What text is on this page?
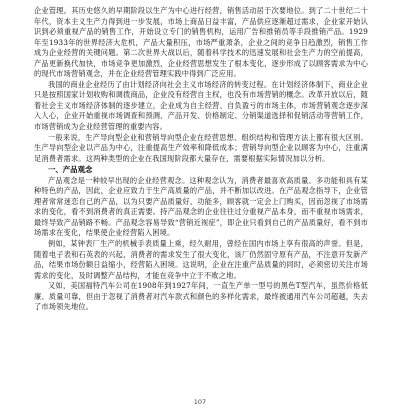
企业管理。其历史悠久的早期阶段以生产为中心进行经营，销售活动居于次要地位。到了二十世纪二十年代，资本主义生产力得到进一步发展，市场上商品日益丰富，产品供应逐渐超过需求，企业家开始认识到必须重视产品的销售工作，开始设立专门的销售机构，运用广告和推销员等手段推销产品。1929年至1933年的世界经济大危机，产品大量积压，市场严重萧条，企业之间的竞争日趋激烈，销售工作成为企业经营的关键问题。第二次世界大战以后，随着科学技术的迅速发展和社会生产力的空前提高，产品更新换代加快，市场竞争更加激烈，企业经营思想发生了根本变化，逐步形成了以顾客需求为中心的现代市场营销观念，并在企业经营管理实践中得到广泛应用。

我国的商业企业经历了由计划经济向社会主义市场经济的转变过程。在计划经济体制下，商业企业只是按照国家计划收购和调拨商品，企业没有经营自主权，也没有市场营销的概念。改革开放以后，随着社会主义市场经济体制的逐步建立，企业成为自主经营、自负盈亏的市场主体，市场营销观念逐步深入人心，企业开始重视市场调查和预测、产品开发、价格制定、分销渠道选择和促销活动等营销工作，市场营销成为企业经营管理的重要内容。

一般来说，生产导向型企业和营销导向型企业在经营思想、组织结构和管理方法上都有很大区别。生产导向型企业以产品为中心，注重提高生产效率和降低成本；营销导向型企业以顾客为中心，注重满足消费者需求。这两种类型的企业在我国现阶段都大量存在，需要根据实际情况加以分析。

一、产品观念

产品观念是一种较早出现的企业经营观念。这种观念认为，消费者最喜欢高质量、多功能和具有某种特色的产品，因此，企业应致力于生产高质量的产品，并不断加以改进。在产品观念指导下，企业管理者常常迷恋自己的产品，以为只要产品质量好、功能多，顾客就一定会上门购买，因而忽视了市场需求的变化，看不到消费者的真正需要。持产品观念的企业往往过分重视产品本身，而不重视市场需求，最终导致产品销路不畅。产品观念容易导致“营销近视症”，即企业只看到自己的产品质量好，看不到市场需求在变化，结果使企业经营陷入困境。

例如，某钟表厂生产的机械手表质量上乘，经久耐用，曾经在国内市场上享有很高的声誉。但是，随着电子表和石英表的兴起，消费者的需求发生了很大变化，该厂仍然固守原有产品，不注意开发新产品，结果市场份额日益缩小，经营陷入困境。这说明，企业在注重产品质量的同时，必须密切关注市场需求的变化，及时调整产品结构，才能在竞争中立于不败之地。

又如，美国福特汽车公司在1908年到1927年间，一直生产单一型号的黑色T型汽车，虽然价格低廉、质量可靠，但由于忽视了消费者对汽车款式和颜色的多样化需求，最终被通用汽车公司超越，失去了市场领先地位。

107
